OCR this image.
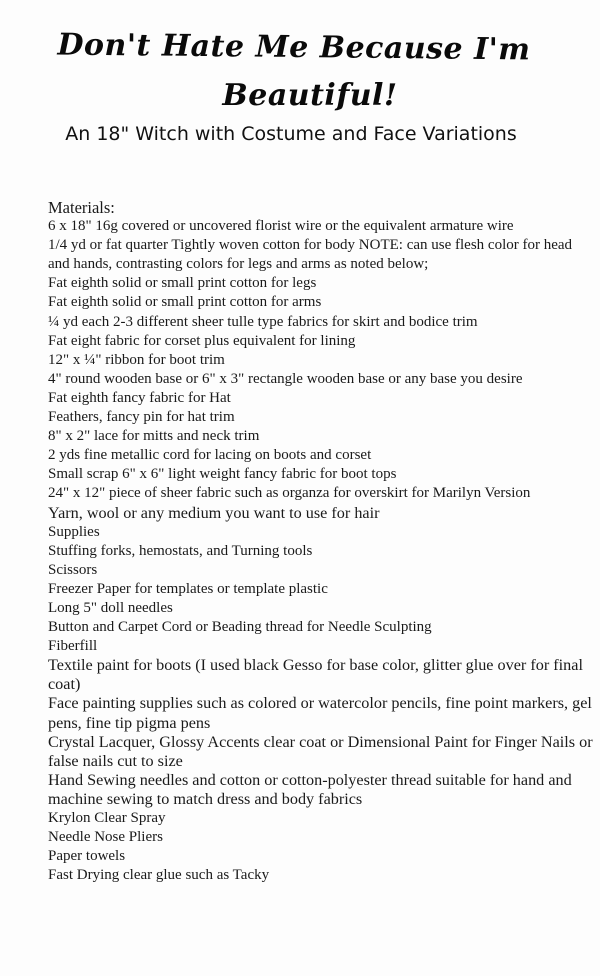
Don't Hate Me Because I'm
Beautiful!
An 18" Witch with Costume and Face Variations
Materials:
6 x 18" 16g covered or uncovered florist wire or the equivalent armature wire
1/4 yd or fat quarter Tightly woven cotton for body NOTE: can use flesh color for head and hands, contrasting colors for legs and arms as noted below;
Fat eighth solid or small print cotton for legs
Fat eighth solid or small print cotton for arms
¼ yd each 2-3 different sheer tulle type fabrics for skirt and bodice trim
Fat eight fabric for corset plus equivalent for lining
12" x ¼" ribbon for boot trim
4" round wooden base or 6" x 3" rectangle wooden base or any base you desire
Fat eighth fancy fabric for Hat
Feathers, fancy pin for hat trim
8" x 2" lace for mitts and neck trim
2 yds fine metallic cord for lacing on boots and corset
Small scrap 6" x 6" light weight fancy fabric for boot tops
24" x 12" piece of sheer fabric such as organza for overskirt for Marilyn Version
Yarn, wool or any medium you want to use for hair
Supplies
Stuffing forks, hemostats, and Turning tools
Scissors
Freezer Paper for templates or template plastic
Long 5" doll needles
Button and Carpet Cord or Beading thread for Needle Sculpting
Fiberfill
Textile paint for boots (I used black Gesso for base color, glitter glue over for final coat)
Face painting supplies such as colored or watercolor pencils, fine point markers, gel pens, fine tip pigma pens
Crystal Lacquer, Glossy Accents clear coat or Dimensional Paint for Finger Nails or false nails cut to size
Hand Sewing needles and cotton or cotton-polyester thread suitable for hand and machine sewing to match dress and body fabrics
Krylon Clear Spray
Needle Nose Pliers
Paper towels
Fast Drying clear glue such as Tacky
